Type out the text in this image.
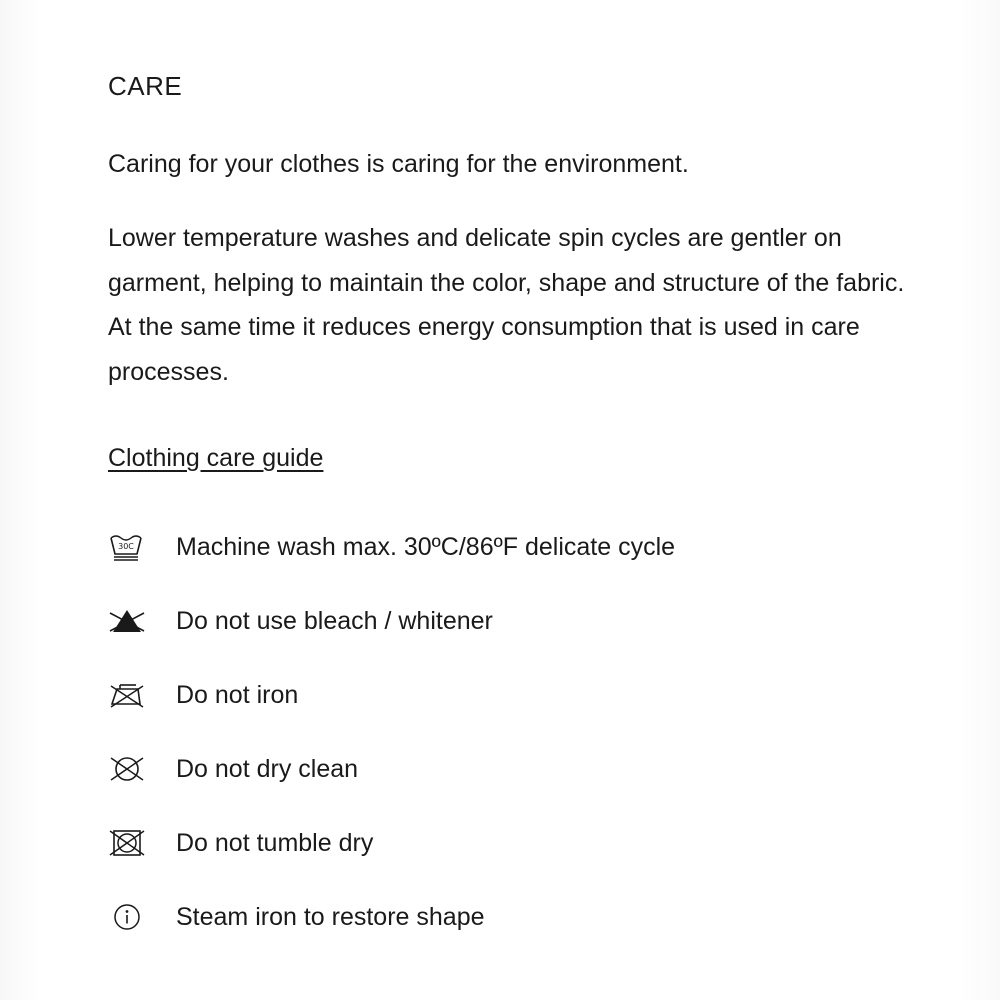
CARE

Caring for your clothes is caring for the environment.

Lower temperature washes and delicate spin cycles are gentler on garment, helping to maintain the color, shape and structure of the fabric. At the same time it reduces energy consumption that is used in care processes.

Clothing care guide
30C Machine wash max. 30ºC/86ºF delicate cycle
Do not use bleach / whitener
Do not iron
Do not dry clean
Do not tumble dry
Steam iron to restore shape
